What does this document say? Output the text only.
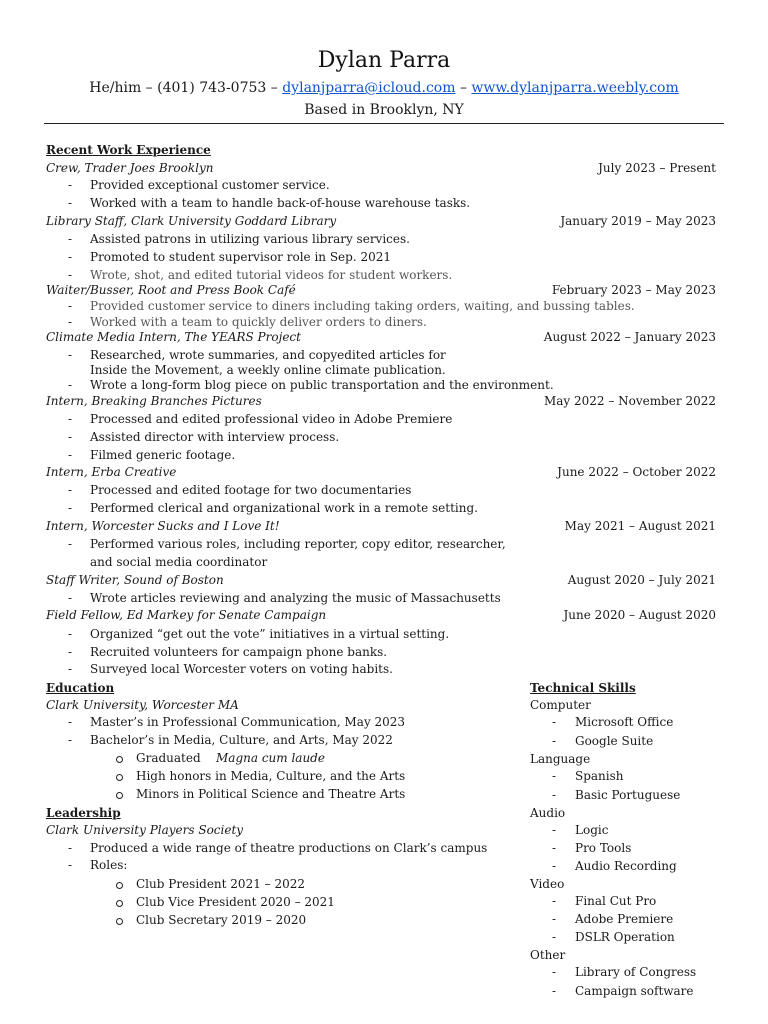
Dylan Parra
He/him – (401) 743-0753 – dylanjparra@icloud.com – www.dylanjparra.weebly.com
Based in Brooklyn, NY
Recent Work Experience
Crew, Trader Joes Brooklyn	July 2023 – Present
- Provided exceptional customer service.
- Worked with a team to handle back-of-house warehouse tasks.
Library Staff, Clark University Goddard Library	January 2019 – May 2023
- Assisted patrons in utilizing various library services.
- Promoted to student supervisor role in Sep. 2021
- Wrote, shot, and edited tutorial videos for student workers.
Waiter/Busser, Root and Press Book Café	February 2023 – May 2023
- Provided customer service to diners including taking orders, waiting, and bussing tables.
- Worked with a team to quickly deliver orders to diners.
Climate Media Intern, The YEARS Project	August 2022 – January 2023
- Researched, wrote summaries, and copyedited articles for
Inside the Movement, a weekly online climate publication.
- Wrote a long-form blog piece on public transportation and the environment.
Intern, Breaking Branches Pictures	May 2022 – November 2022
- Processed and edited professional video in Adobe Premiere
- Assisted director with interview process.
- Filmed generic footage.
Intern, Erba Creative	June 2022 – October 2022
- Processed and edited footage for two documentaries
- Performed clerical and organizational work in a remote setting.
Intern, Worcester Sucks and I Love It!	May 2021 – August 2021
- Performed various roles, including reporter, copy editor, researcher,
and social media coordinator
Staff Writer, Sound of Boston	August 2020 – July 2021
- Wrote articles reviewing and analyzing the music of Massachusetts
Field Fellow, Ed Markey for Senate Campaign	June 2020 – August 2020
- Organized “get out the vote” initiatives in a virtual setting.
- Recruited volunteers for campaign phone banks.
- Surveyed local Worcester voters on voting habits.
Education
Clark University, Worcester MA
- Master’s in Professional Communication, May 2023
- Bachelor’s in Media, Culture, and Arts, May 2022
Graduated Magna cum laude
High honors in Media, Culture, and the Arts
Minors in Political Science and Theatre Arts
Leadership
Clark University Players Society
- Produced a wide range of theatre productions on Clark’s campus
- Roles:
Club President 2021 – 2022
Club Vice President 2020 – 2021
Club Secretary 2019 – 2020
Technical Skills
Computer
- Microsoft Office
- Google Suite
Language
- Spanish
- Basic Portuguese
Audio
- Logic
- Pro Tools
- Audio Recording
Video
- Final Cut Pro
- Adobe Premiere
- DSLR Operation
Other
- Library of Congress
- Campaign software
